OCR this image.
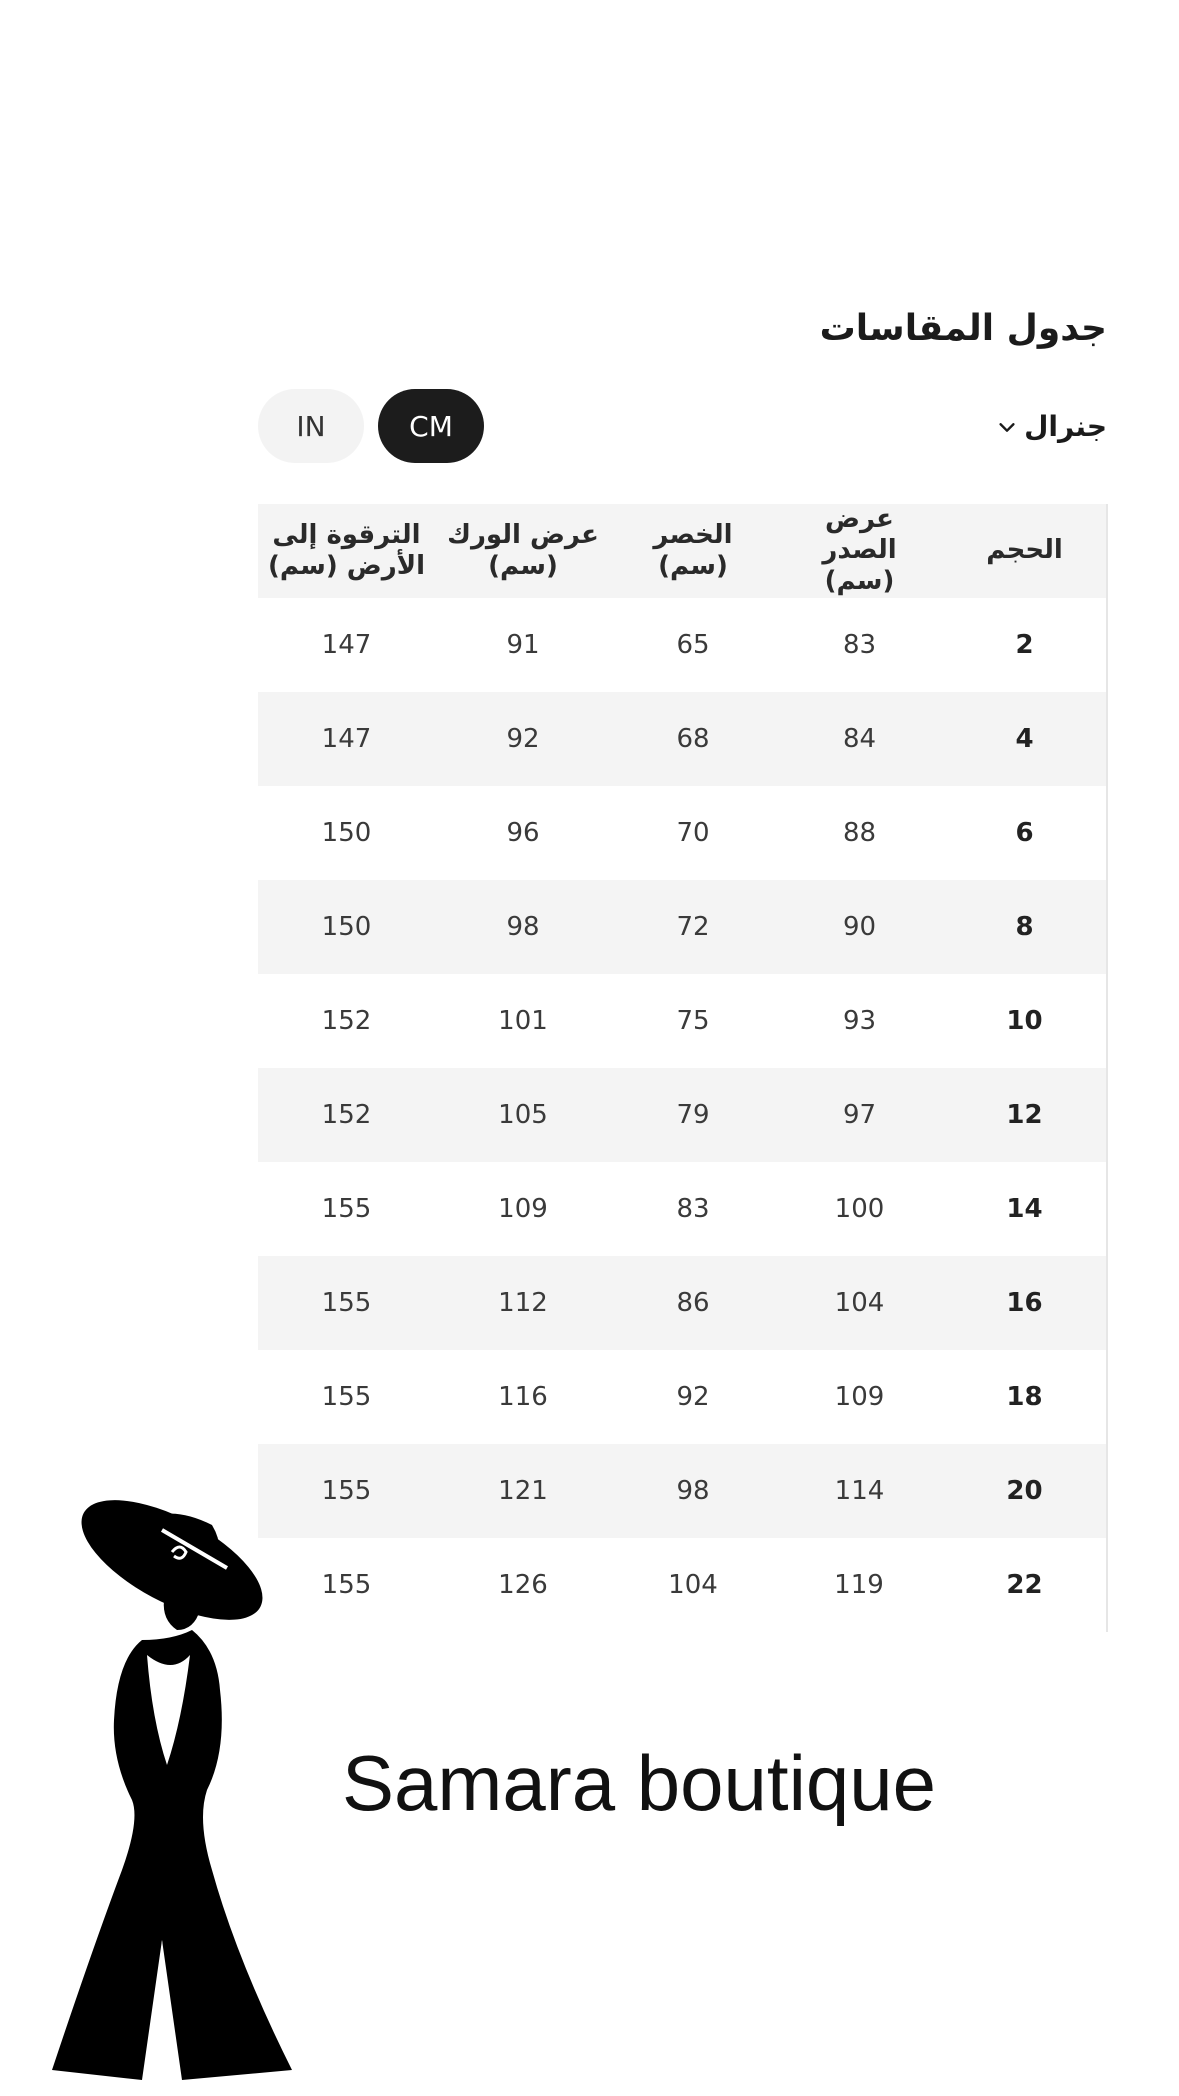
جدول المقاسات
جنرال
IN	CM
الحجم	عرض الصدر (سم)	الخصر (سم)	عرض الورك (سم)	الترقوة إلى الأرض (سم)
2	83	65	91	147
4	84	68	92	147
6	88	70	96	150
8	90	72	98	150
10	93	75	101	152
12	97	79	105	152
14	100	83	109	155
16	104	86	112	155
18	109	92	116	155
20	114	98	121	155
22	119	104	126	155
Samara boutique
